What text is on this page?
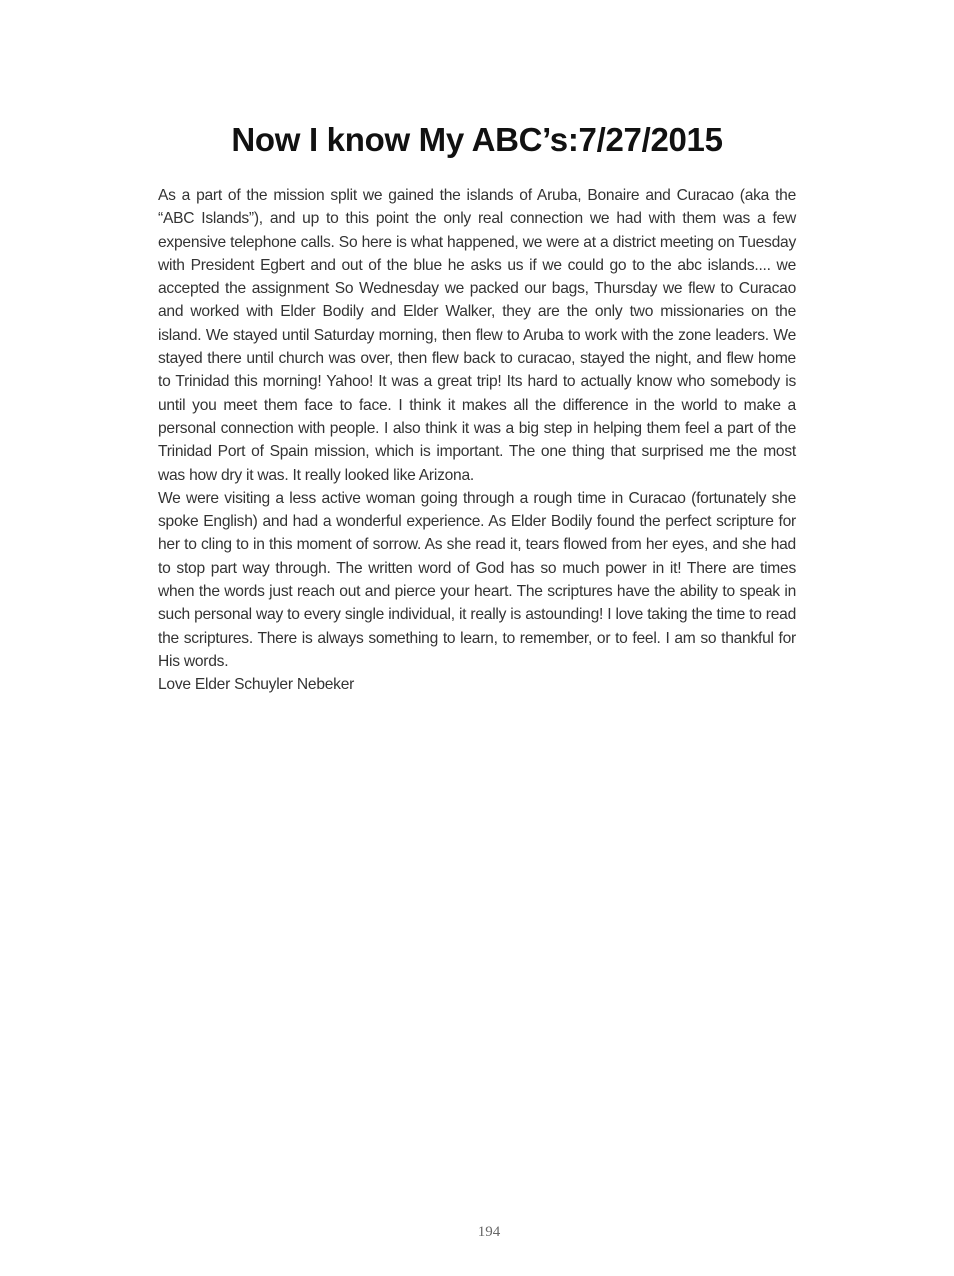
Now I know My ABC’s:7/27/2015

As a part of the mission split we gained the islands of Aruba, Bonaire and Curacao (aka the “ABC Islands”), and up to this point the only real connection we had with them was a few expensive telephone calls. So here is what happened, we were at a district meeting on Tuesday with President Egbert and out of the blue he asks us if we could go to the abc islands.... we accepted the assignment So Wednesday we packed our bags, Thursday we flew to Curacao and worked with Elder Bodily and Elder Walker, they are the only two missionaries on the island. We stayed until Saturday morning, then flew to Aruba to work with the zone leaders. We stayed there until church was over, then flew back to curacao, stayed the night, and flew home to Trinidad this morning! Yahoo! It was a great trip! Its hard to actually know who somebody is until you meet them face to face. I think it makes all the difference in the world to make a personal connection with people. I also think it was a big step in helping them feel a part of the Trinidad Port of Spain mission, which is important. The one thing that surprised me the most was how dry it was. It really looked like Arizona.

We were visiting a less active woman going through a rough time in Curacao (fortunately she spoke English) and had a wonderful experience. As Elder Bodily found the perfect scripture for her to cling to in this moment of sorrow. As she read it, tears flowed from her eyes, and she had to stop part way through. The written word of God has so much power in it! There are times when the words just reach out and pierce your heart. The scriptures have the ability to speak in such personal way to every single individual, it really is astounding! I love taking the time to read the scriptures. There is always something to learn, to remember, or to feel. I am so thankful for His words.

Love Elder Schuyler Nebeker

194
